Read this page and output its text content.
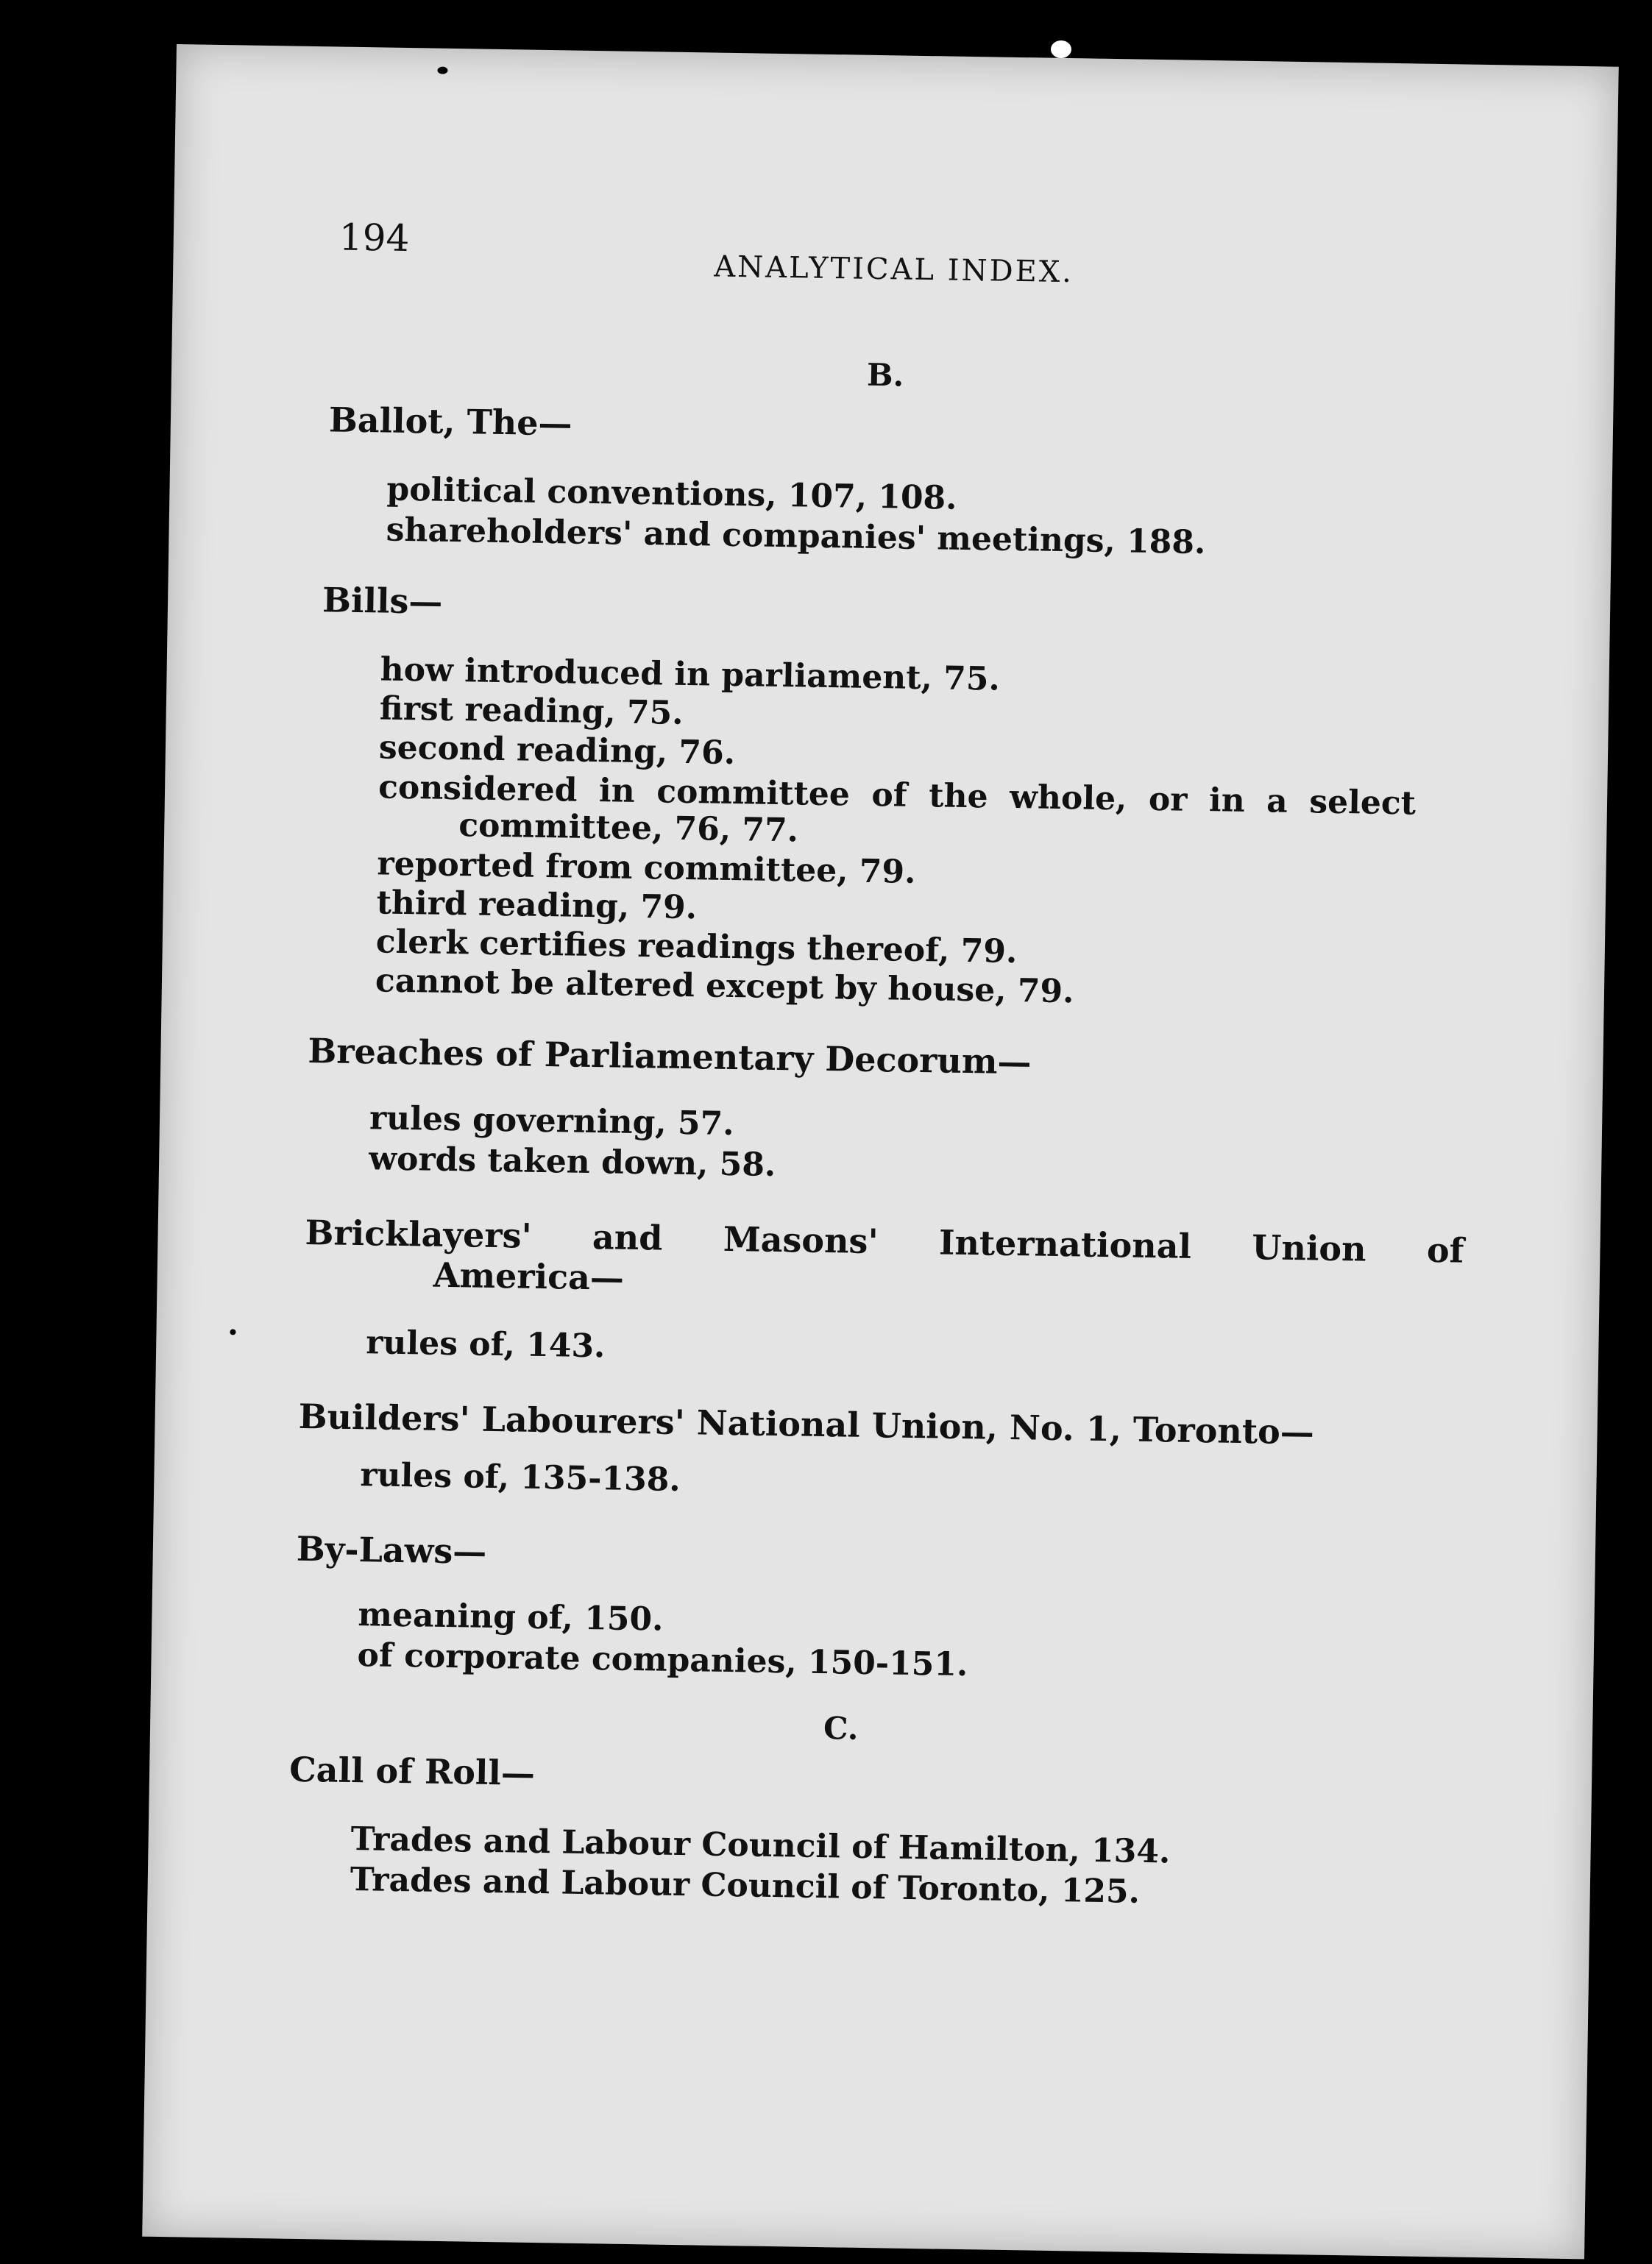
194
ANALYTICAL INDEX.
B.
Ballot, The—
political conventions, 107, 108.
shareholders' and companies' meetings, 188.
Bills—
how introduced in parliament, 75.
first reading, 75.
second reading, 76.
considered in committee of the whole, or in a select
committee, 76, 77.
reported from committee, 79.
third reading, 79.
clerk certifies readings thereof, 79.
cannot be altered except by house, 79.
Breaches of Parliamentary Decorum—
rules governing, 57.
words taken down, 58.
Bricklayers' and Masons' International Union of
America—
rules of, 143.
Builders' Labourers' National Union, No. 1, Toronto—
rules of, 135-138.
By-Laws—
meaning of, 150.
of corporate companies, 150-151.
C.
Call of Roll—
Trades and Labour Council of Hamilton, 134.
Trades and Labour Council of Toronto, 125.
